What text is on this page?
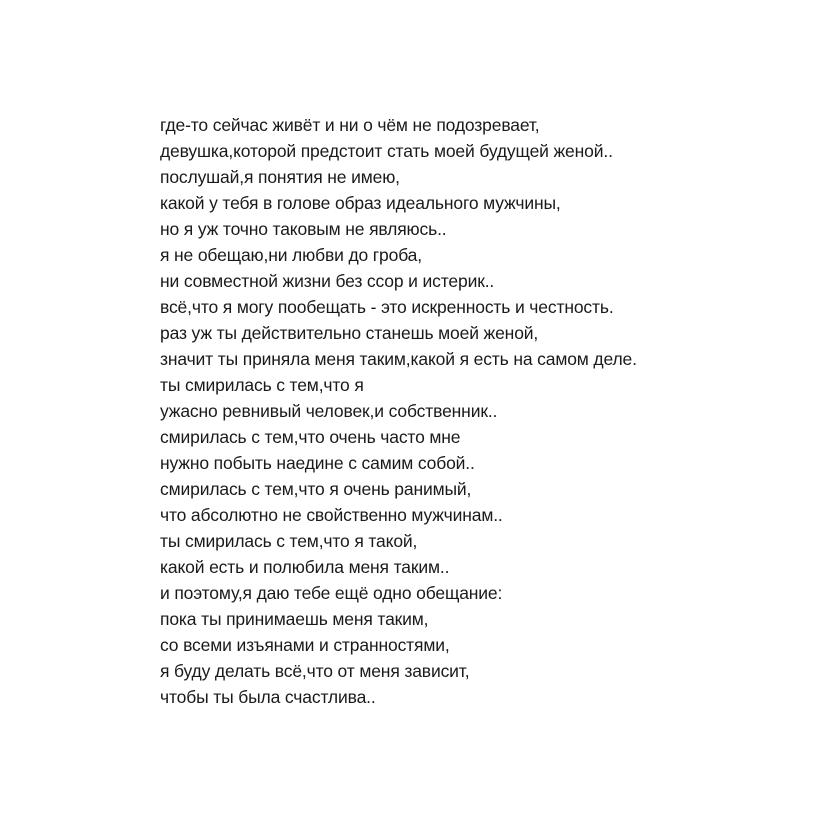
где-то сейчас живёт и ни о чём не подозревает,
девушка,которой предстоит стать моей будущей женой..
послушай,я понятия не имею,
какой у тебя в голове образ идеального мужчины,
но я уж точно таковым не являюсь..
я не обещаю,ни любви до гроба,
ни совместной жизни без ссор и истерик..
всё,что я могу пообещать - это искренность и честность.
раз уж ты действительно станешь моей женой,
значит ты приняла меня таким,какой я есть на самом деле.
ты смирилась с тем,что я
ужасно ревнивый человек,и собственник..
смирилась с тем,что очень часто мне
нужно побыть наедине с самим собой..
смирилась с тем,что я очень ранимый,
что абсолютно не свойственно мужчинам..
ты смирилась с тем,что я такой,
какой есть и полюбила меня таким..
и поэтому,я даю тебе ещё одно обещание:
пока ты принимаешь меня таким,
со всеми изъянами и странностями,
я буду делать всё,что от меня зависит,
чтобы ты была счастлива..
